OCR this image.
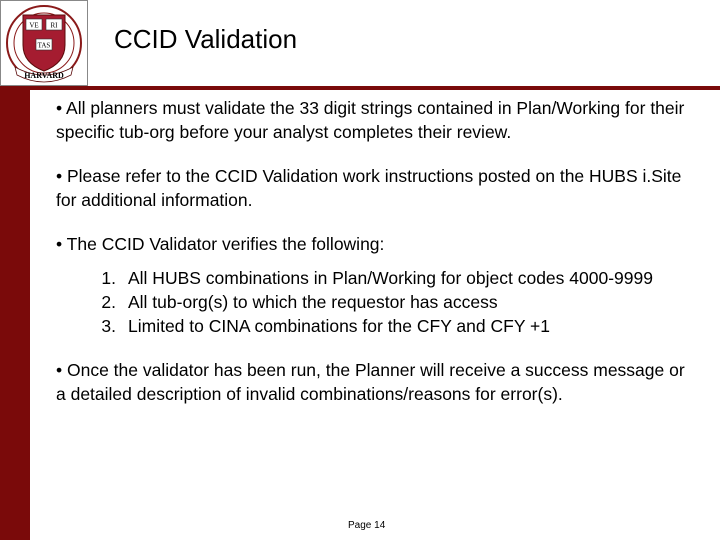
VE RI
TAS
HARVARD
CCID Validation

• All planners must validate the 33 digit strings contained in Plan/Working for their specific tub-org before your analyst completes their review.

• Please refer to the CCID Validation work instructions posted on the HUBS i.Site for additional information.

• The CCID Validator verifies the following:

1. All HUBS combinations in Plan/Working for object codes 4000-9999
2. All tub-org(s) to which the requestor has access
3. Limited to CINA combinations for the CFY and CFY +1

• Once the validator has been run, the Planner will receive a success message or a detailed description of invalid combinations/reasons for error(s).

Page 14
